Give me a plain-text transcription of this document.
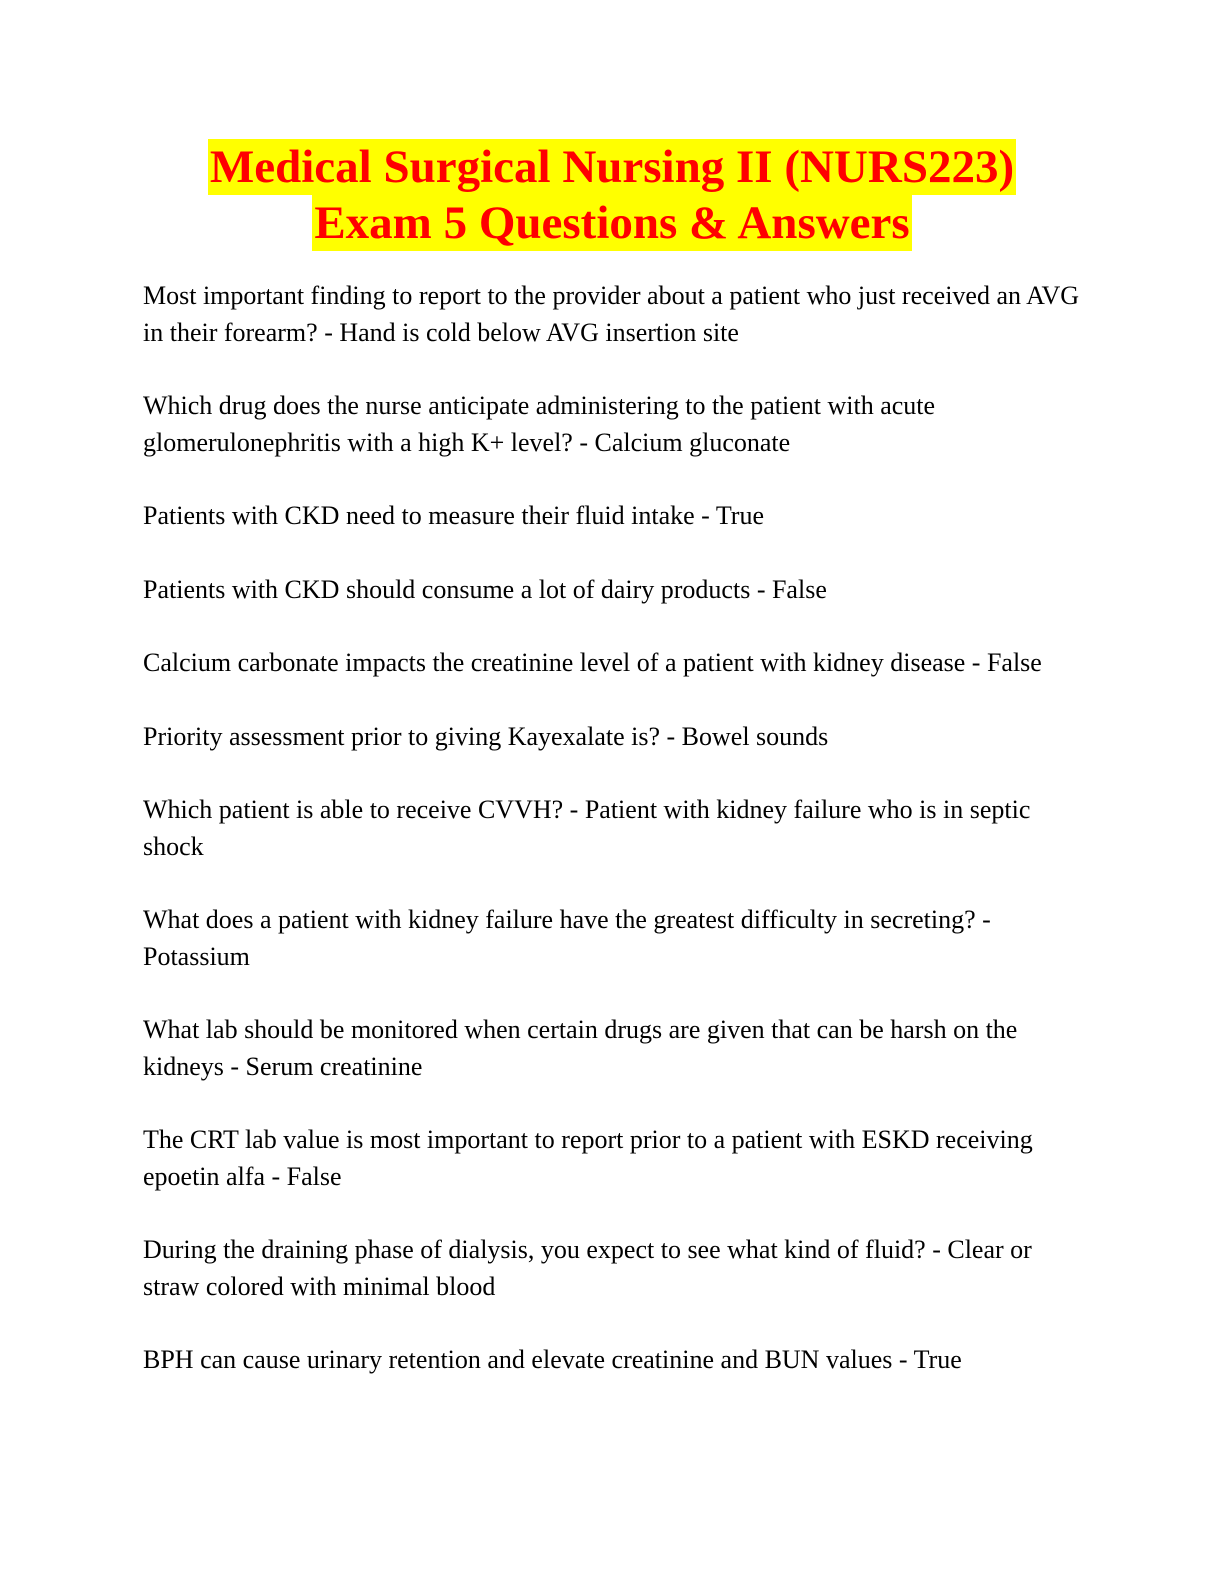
Medical Surgical Nursing II (NURS223)
Exam 5 Questions & Answers

Most important finding to report to the provider about a patient who just received an AVG in their forearm? - Hand is cold below AVG insertion site

Which drug does the nurse anticipate administering to the patient with acute glomerulonephritis with a high K+ level? - Calcium gluconate

Patients with CKD need to measure their fluid intake - True

Patients with CKD should consume a lot of dairy products - False

Calcium carbonate impacts the creatinine level of a patient with kidney disease - False

Priority assessment prior to giving Kayexalate is? - Bowel sounds

Which patient is able to receive CVVH? - Patient with kidney failure who is in septic shock

What does a patient with kidney failure have the greatest difficulty in secreting? - Potassium

What lab should be monitored when certain drugs are given that can be harsh on the kidneys - Serum creatinine

The CRT lab value is most important to report prior to a patient with ESKD receiving epoetin alfa - False

During the draining phase of dialysis, you expect to see what kind of fluid? - Clear or straw colored with minimal blood

BPH can cause urinary retention and elevate creatinine and BUN values - True
